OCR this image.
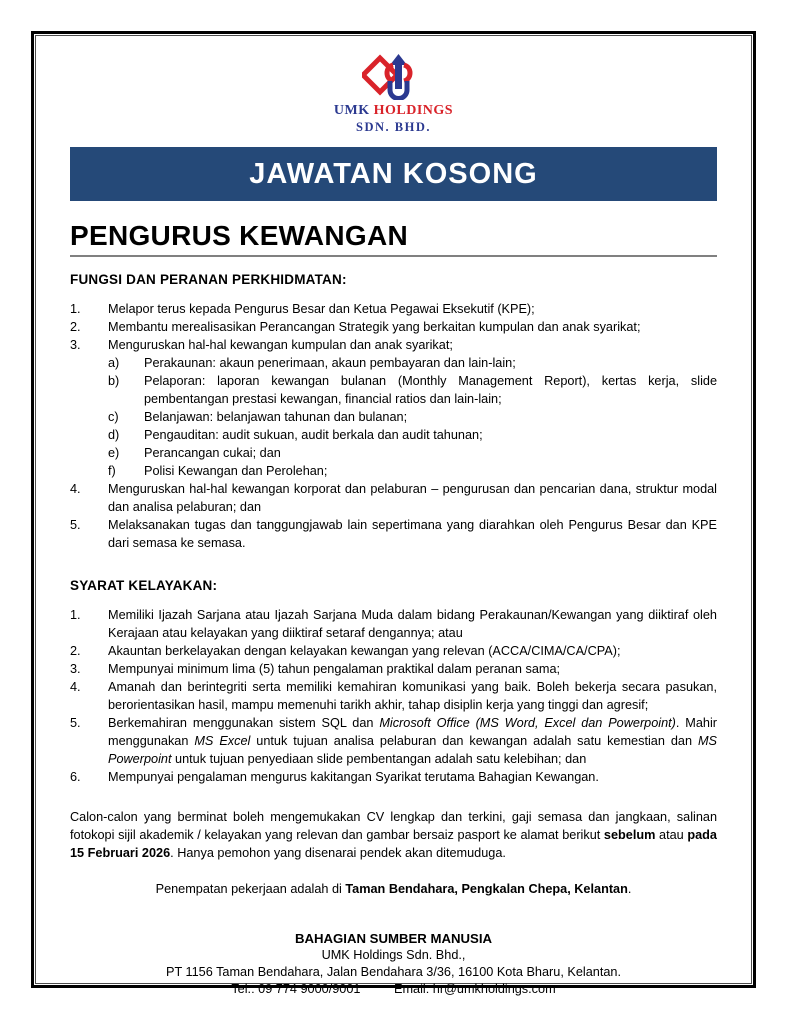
UMK HOLDINGS
SDN. BHD.
JAWATAN KOSONG
PENGURUS KEWANGAN
FUNGSI DAN PERANAN PERKHIDMATAN:
1.	Melapor terus kepada Pengurus Besar dan Ketua Pegawai Eksekutif (KPE);
2.	Membantu merealisasikan Perancangan Strategik yang berkaitan kumpulan dan anak syarikat;
3.	Menguruskan hal-hal kewangan kumpulan dan anak syarikat;
a)	Perakaunan: akaun penerimaan, akaun pembayaran dan lain-lain;
b)	Pelaporan: laporan kewangan bulanan (Monthly Management Report), kertas kerja, slide pembentangan prestasi kewangan, financial ratios dan lain-lain;
c)	Belanjawan: belanjawan tahunan dan bulanan;
d)	Pengauditan: audit sukuan, audit berkala dan audit tahunan;
e)	Perancangan cukai; dan
f)	Polisi Kewangan dan Perolehan;
4.	Menguruskan hal-hal kewangan korporat dan pelaburan – pengurusan dan pencarian dana, struktur modal dan analisa pelaburan; dan
5.	Melaksanakan tugas dan tanggungjawab lain sepertimana yang diarahkan oleh Pengurus Besar dan KPE dari semasa ke semasa.
SYARAT KELAYAKAN:
1.	Memiliki Ijazah Sarjana atau Ijazah Sarjana Muda dalam bidang Perakaunan/Kewangan yang diiktiraf oleh Kerajaan atau kelayakan yang diiktiraf setaraf dengannya; atau
2.	Akauntan berkelayakan dengan kelayakan kewangan yang relevan (ACCA/CIMA/CA/CPA);
3.	Mempunyai minimum lima (5) tahun pengalaman praktikal dalam peranan sama;
4.	Amanah dan berintegriti serta memiliki kemahiran komunikasi yang baik. Boleh bekerja secara pasukan, berorientasikan hasil, mampu memenuhi tarikh akhir, tahap disiplin kerja yang tinggi dan agresif;
5.	Berkemahiran menggunakan sistem SQL dan Microsoft Office (MS Word, Excel dan Powerpoint). Mahir menggunakan MS Excel untuk tujuan analisa pelaburan dan kewangan adalah satu kemestian dan MS Powerpoint untuk tujuan penyediaan slide pembentangan adalah satu kelebihan; dan
6.	Mempunyai pengalaman mengurus kakitangan Syarikat terutama Bahagian Kewangan.

Calon-calon yang berminat boleh mengemukakan CV lengkap dan terkini, gaji semasa dan jangkaan, salinan fotokopi sijil akademik / kelayakan yang relevan dan gambar bersaiz pasport ke alamat berikut sebelum atau pada 15 Februari 2026. Hanya pemohon yang disenarai pendek akan ditemuduga.

Penempatan pekerjaan adalah di Taman Bendahara, Pengkalan Chepa, Kelantan.

BAHAGIAN SUMBER MANUSIA
UMK Holdings Sdn. Bhd.,
PT 1156 Taman Bendahara, Jalan Bendahara 3/36, 16100 Kota Bharu, Kelantan.
Tel.: 09 774 9000/9001	Email: hr@umkholdings.com
